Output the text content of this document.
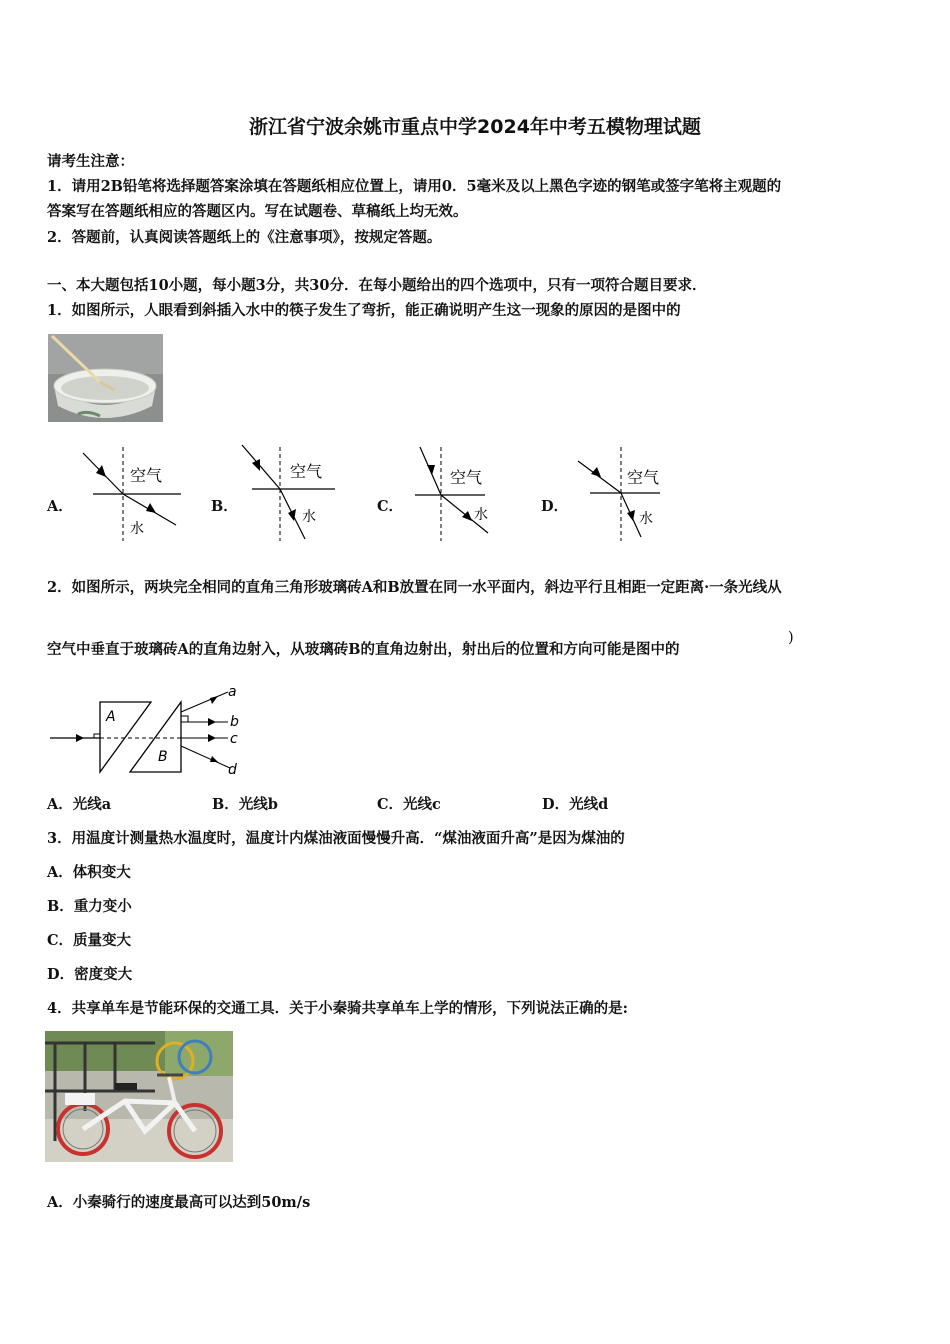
浙江省宁波余姚市重点中学2024年中考五模物理试题
请考生注意：
1．请用2B铅笔将选择题答案涂填在答题纸相应位置上，请用0．5毫米及以上黑色字迹的钢笔或签字笔将主观题的
答案写在答题纸相应的答题区内。写在试题卷、草稿纸上均无效。
2．答题前，认真阅读答题纸上的《注意事项》，按规定答题。
一、本大题包括10小题，每小题3分，共30分．在每小题给出的四个选项中，只有一项符合题目要求．
1．如图所示，人眼看到斜插入水中的筷子发生了弯折，能正确说明产生这一现象的原因的是图中的
A．
空气
水
B．
空气
水
C．
空气
水	D．
空气
水
2．如图所示，两块完全相同的直角三角形玻璃砖A和B放置在同一水平面内，斜边平行且相距一定距离·一条光线从
空气中垂直于玻璃砖A的直角边射入，从玻璃砖B的直角边射出，射出后的位置和方向可能是图中的
)
A
B
a
b
c
d
A．光线a	B．光线b	C．光线c	D．光线d
3．用温度计测量热水温度时，温度计内煤油液面慢慢升高．“煤油液面升高”是因为煤油的
A．体积变大
B．重力变小
C．质量变大
D．密度变大
4．共享单车是节能环保的交通工具．关于小秦骑共享单车上学的情形，下列说法正确的是:
A．小秦骑行的速度最高可以达到50m/s
